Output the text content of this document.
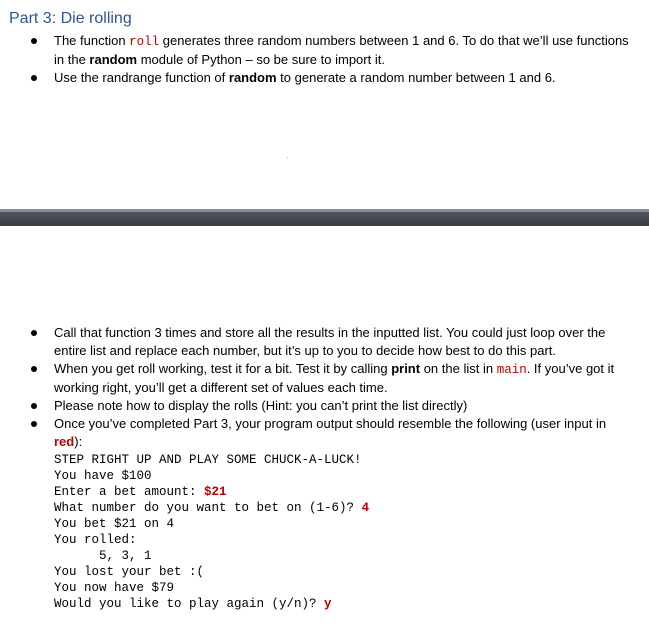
Part 3: Die rolling
The function roll generates three random numbers between 1 and 6. To do that we’ll use functions in the random module of Python – so be sure to import it.
Use the randrange function of random to generate a random number between 1 and 6.
Call that function 3 times and store all the results in the inputted list. You could just loop over the entire list and replace each number, but it’s up to you to decide how best to do this part.
When you get roll working, test it for a bit. Test it by calling print on the list in main. If you’ve got it working right, you’ll get a different set of values each time.
Please note how to display the rolls (Hint: you can’t print the list directly)
Once you’ve completed Part 3, your program output should resemble the following (user input in red):
STEP RIGHT UP AND PLAY SOME CHUCK-A-LUCK!
You have $100
Enter a bet amount: $21
What number do you want to bet on (1-6)? 4
You bet $21 on 4
You rolled:
5, 3, 1
You lost your bet :(
You now have $79
Would you like to play again (y/n)? y
